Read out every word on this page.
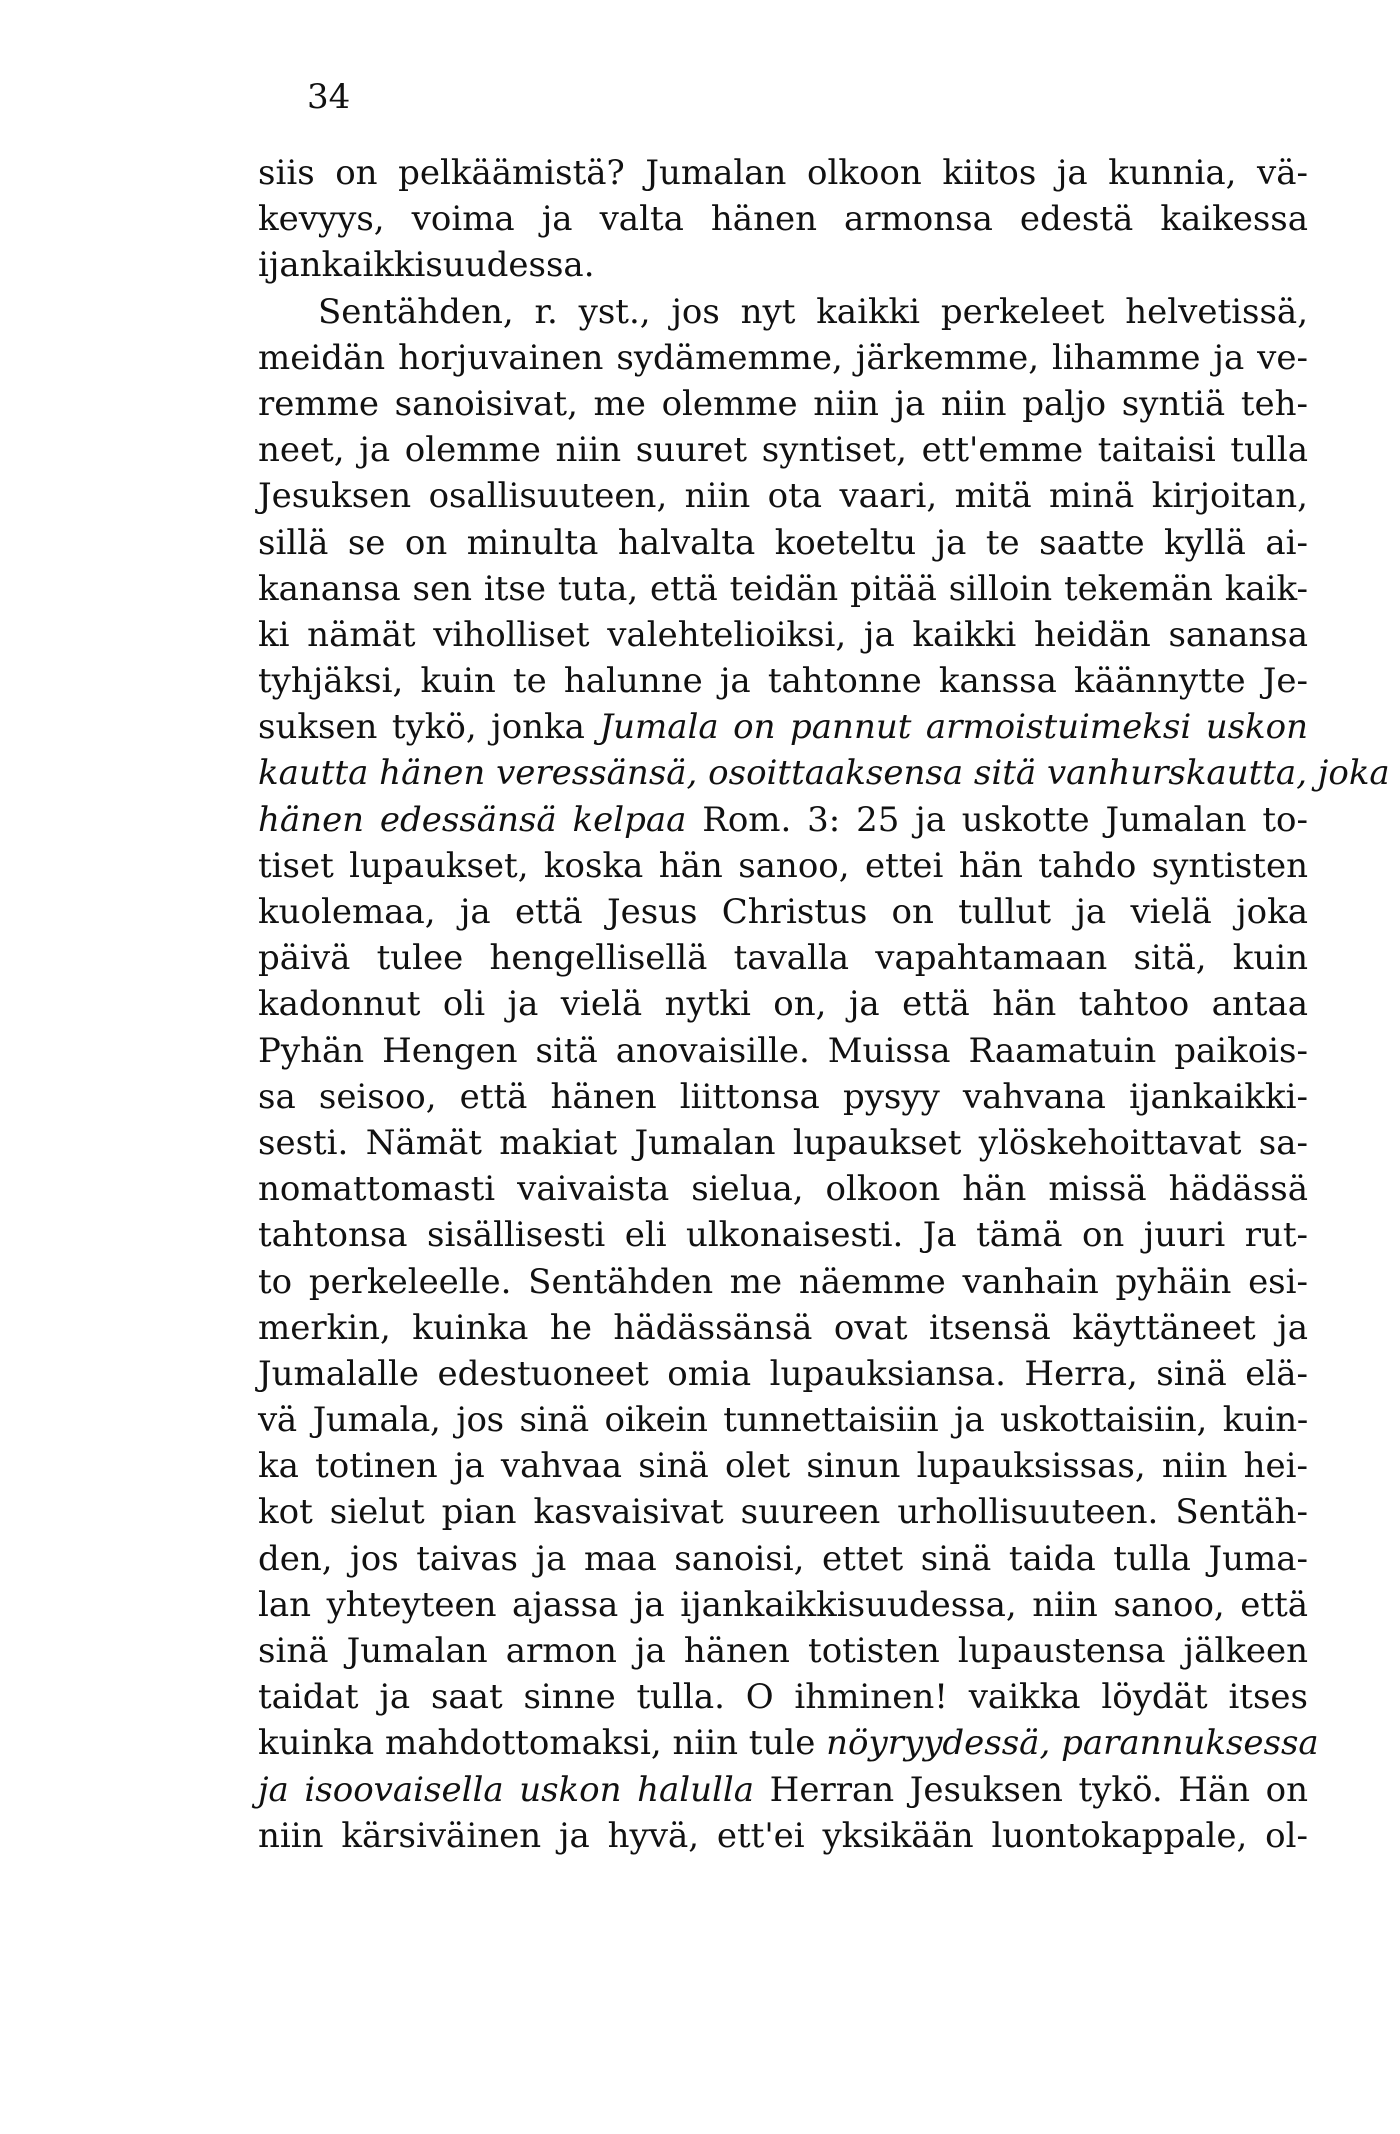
34
siis on pelkäämistä? Jumalan olkoon kiitos ja kunnia, vä-
kevyys, voima ja valta hänen armonsa edestä kaikessa
ijankaikkisuudessa.
Sentähden, r. yst., jos nyt kaikki perkeleet helvetissä,
meidän horjuvainen sydämemme, järkemme, lihamme ja ve-
remme sanoisivat, me olemme niin ja niin paljo syntiä teh-
neet, ja olemme niin suuret syntiset, ett'emme taitaisi tulla
Jesuksen osallisuuteen, niin ota vaari, mitä minä kirjoitan,
sillä se on minulta halvalta koeteltu ja te saatte kyllä ai-
kanansa sen itse tuta, että teidän pitää silloin tekemän kaik-
ki nämät viholliset valehtelioiksi, ja kaikki heidän sanansa
tyhjäksi, kuin te halunne ja tahtonne kanssa käännytte Je-
suksen tykö, jonka Jumala on pannut armoistuimeksi uskon
kautta hänen veressänsä, osoittaaksensa sitä vanhurskautta, joka
hänen edessänsä kelpaa Rom. 3: 25 ja uskotte Jumalan to-
tiset lupaukset, koska hän sanoo, ettei hän tahdo syntisten
kuolemaa, ja että Jesus Christus on tullut ja vielä joka
päivä tulee hengellisellä tavalla vapahtamaan sitä, kuin
kadonnut oli ja vielä nytki on, ja että hän tahtoo antaa
Pyhän Hengen sitä anovaisille. Muissa Raamatuin paikois-
sa seisoo, että hänen liittonsa pysyy vahvana ijankaikki-
sesti. Nämät makiat Jumalan lupaukset ylöskehoittavat sa-
nomattomasti vaivaista sielua, olkoon hän missä hädässä
tahtonsa sisällisesti eli ulkonaisesti. Ja tämä on juuri rut-
to perkeleelle. Sentähden me näemme vanhain pyhäin esi-
merkin, kuinka he hädässänsä ovat itsensä käyttäneet ja
Jumalalle edestuoneet omia lupauksiansa. Herra, sinä elä-
vä Jumala, jos sinä oikein tunnettaisiin ja uskottaisiin, kuin-
ka totinen ja vahvaa sinä olet sinun lupauksissas, niin hei-
kot sielut pian kasvaisivat suureen urhollisuuteen. Sentäh-
den, jos taivas ja maa sanoisi, ettet sinä taida tulla Juma-
lan yhteyteen ajassa ja ijankaikkisuudessa, niin sanoo, että
sinä Jumalan armon ja hänen totisten lupaustensa jälkeen
taidat ja saat sinne tulla. O ihminen! vaikka löydät itses
kuinka mahdottomaksi, niin tule nöyryydessä, parannuksessa
ja isoovaisella uskon halulla Herran Jesuksen tykö. Hän on
niin kärsiväinen ja hyvä, ett'ei yksikään luontokappale, ol-
